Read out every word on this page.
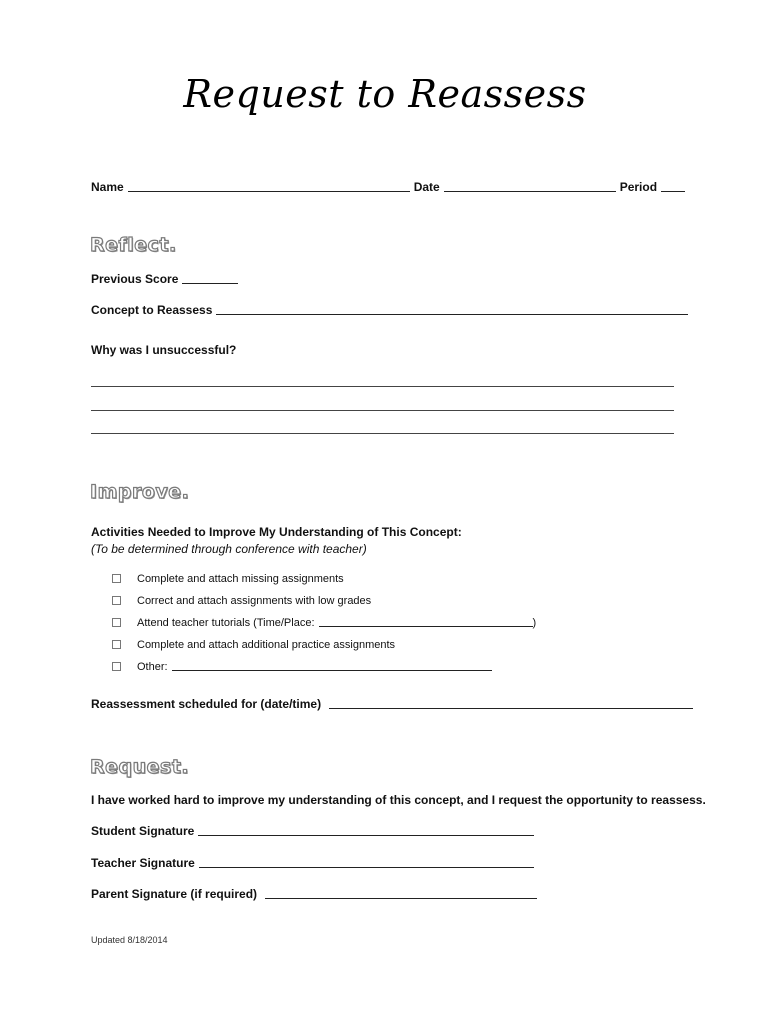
Request to Reassess
Name	Date	Period
Reflect.
Previous Score
Concept to Reassess
Why was I unsuccessful?
Improve.
Activities Needed to Improve My Understanding of This Concept:
(To be determined through conference with teacher)
Complete and attach missing assignments
Correct and attach assignments with low grades
Attend teacher tutorials (Time/Place:	)
Complete and attach additional practice assignments
Other:
Reassessment scheduled for (date/time)
Request.
I have worked hard to improve my understanding of this concept, and I request the opportunity to reassess.
Student Signature
Teacher Signature
Parent Signature (if required)
Updated 8/18/2014
